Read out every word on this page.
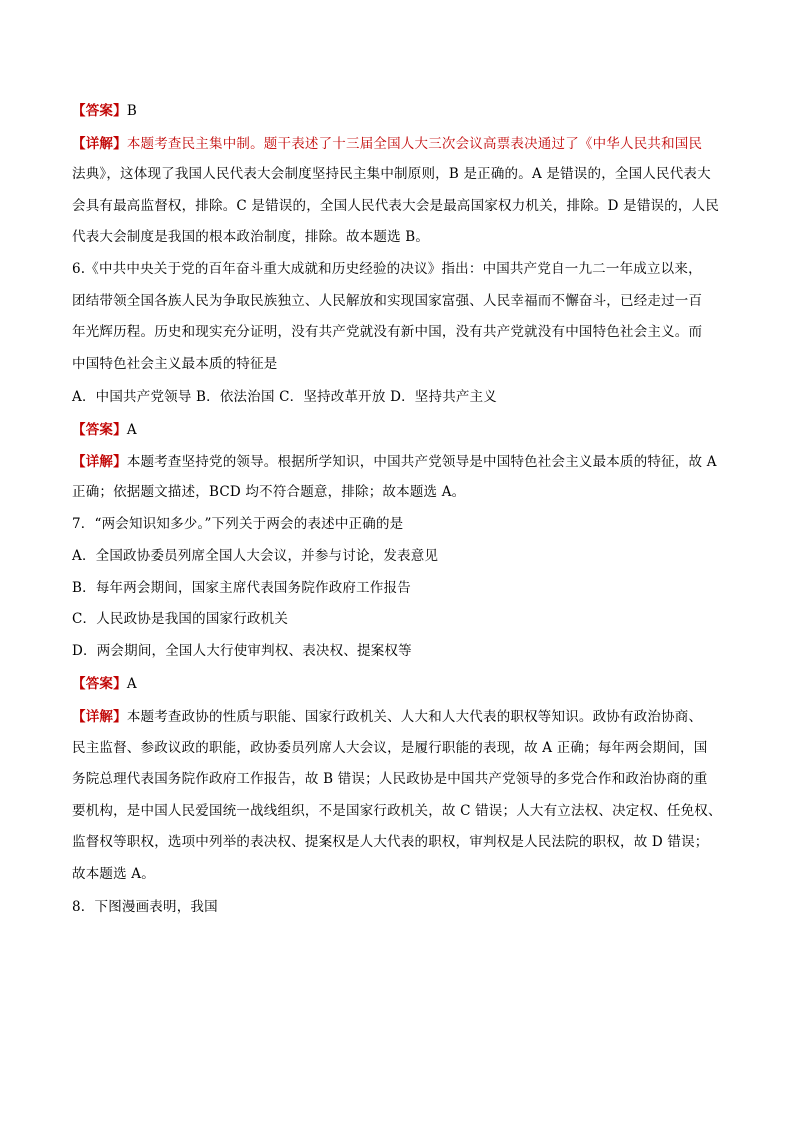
【答案】B
【详解】本题考查民主集中制。题干表述了十三届全国人大三次会议高票表决通过了《中华人民共和国民
法典》，这体现了我国人民代表大会制度坚持民主集中制原则，B 是正确的。A 是错误的，全国人民代表大
会具有最高监督权，排除。C 是错误的，全国人民代表大会是最高国家权力机关，排除。D 是错误的，人民
代表大会制度是我国的根本政治制度，排除。故本题选 B。
6.《中共中央关于党的百年奋斗重大成就和历史经验的决议》指出：中国共产党自一九二一年成立以来，
团结带领全国各族人民为争取民族独立、人民解放和实现国家富强、人民幸福而不懈奋斗，已经走过一百
年光辉历程。历史和现实充分证明，没有共产党就没有新中国，没有共产党就没有中国特色社会主义。而
中国特色社会主义最本质的特征是
A．中国共产党领导 B．依法治国 C．坚持改革开放 D．坚持共产主义
【答案】A
【详解】本题考查坚持党的领导。根据所学知识，中国共产党领导是中国特色社会主义最本质的特征，故 A
正确；依据题文描述，BCD 均不符合题意，排除；故本题选 A。
7．“两会知识知多少。”下列关于两会的表述中正确的是
A．全国政协委员列席全国人大会议，并参与讨论，发表意见
B．每年两会期间，国家主席代表国务院作政府工作报告
C．人民政协是我国的国家行政机关
D．两会期间，全国人大行使审判权、表决权、提案权等
【答案】A
【详解】本题考查政协的性质与职能、国家行政机关、人大和人大代表的职权等知识。政协有政治协商、
民主监督、参政议政的职能，政协委员列席人大会议，是履行职能的表现，故 A 正确；每年两会期间，国
务院总理代表国务院作政府工作报告，故 B 错误；人民政协是中国共产党领导的多党合作和政治协商的重
要机构，是中国人民爱国统一战线组织，不是国家行政机关，故 C 错误；人大有立法权、决定权、任免权、
监督权等职权，选项中列举的表决权、提案权是人大代表的职权，审判权是人民法院的职权，故 D 错误；
故本题选 A。
8．下图漫画表明，我国
